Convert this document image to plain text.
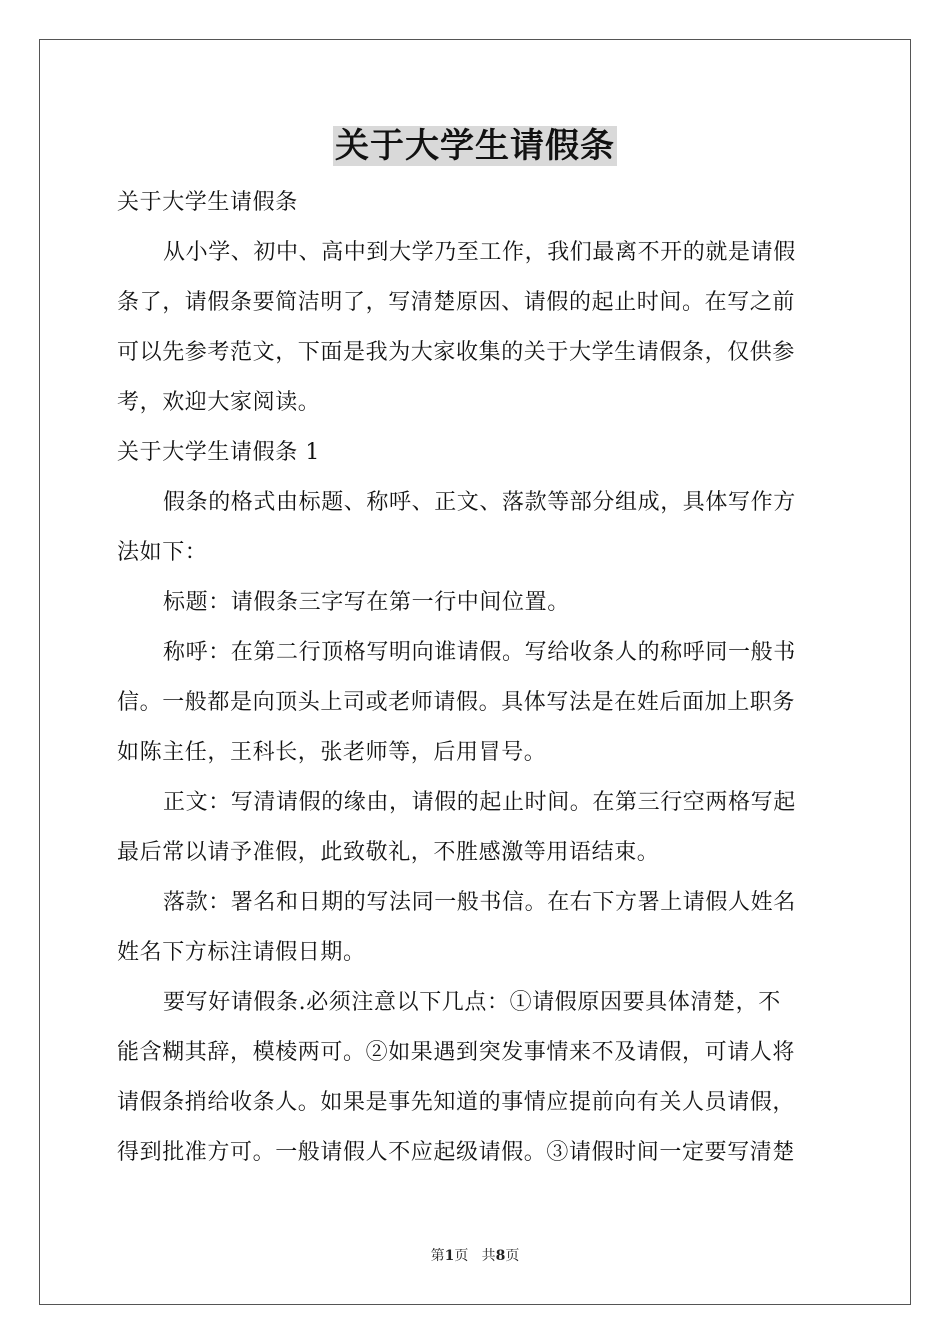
关于大学生请假条

关于大学生请假条

从小学、初中、高中到大学乃至工作，我们最离不开的就是请假

条了，请假条要简洁明了，写清楚原因、请假的起止时间。在写之前

可以先参考范文，下面是我为大家收集的关于大学生请假条，仅供参

考，欢迎大家阅读。

关于大学生请假条 1

假条的格式由标题、称呼、正文、落款等部分组成，具体写作方

法如下：

标题：请假条三字写在第一行中间位置。

称呼：在第二行顶格写明向谁请假。写给收条人的称呼同一般书

信。一般都是向顶头上司或老师请假。具体写法是在姓后面加上职务

如陈主任，王科长，张老师等，后用冒号。

正文：写清请假的缘由，请假的起止时间。在第三行空两格写起

最后常以请予准假，此致敬礼，不胜感激等用语结束。

落款：署名和日期的写法同一般书信。在右下方署上请假人姓名

姓名下方标注请假日期。

要写好请假条.必须注意以下几点：①请假原因要具体清楚，不

能含糊其辞，模棱两可。②如果遇到突发事情来不及请假，可请人将

请假条捎给收条人。如果是事先知道的事情应提前向有关人员请假，

得到批准方可。一般请假人不应起级请假。③请假时间一定要写清楚

第1页 共8页
